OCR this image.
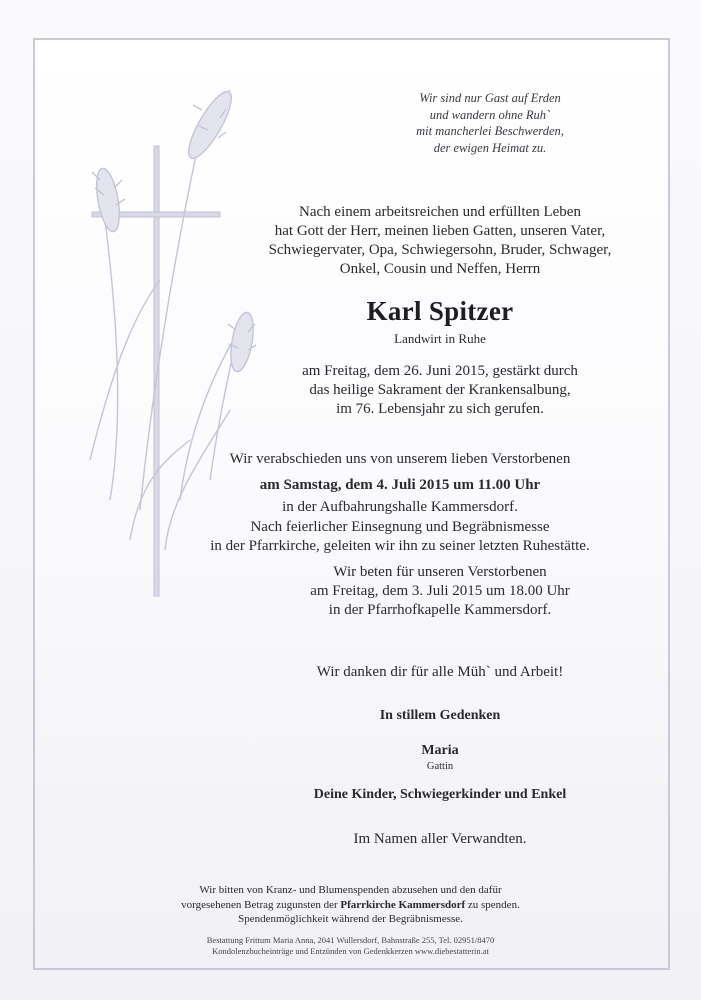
Wir sind nur Gast auf Erden
und wandern ohne Ruh`
mit mancherlei Beschwerden,
der ewigen Heimat zu.
Nach einem arbeitsreichen und erfüllten Leben
hat Gott der Herr, meinen lieben Gatten, unseren Vater,
Schwiegervater, Opa, Schwiegersohn, Bruder, Schwager,
Onkel, Cousin und Neffen, Herrn
Karl Spitzer
Landwirt in Ruhe
am Freitag, dem 26. Juni 2015, gestärkt durch
das heilige Sakrament der Krankensalbung,
im 76. Lebensjahr zu sich gerufen.
Wir verabschieden uns von unserem lieben Verstorbenen
am Samstag, dem 4. Juli 2015 um 11.00 Uhr
in der Aufbahrungshalle Kammersdorf.
Nach feierlicher Einsegnung und Begräbnismesse
in der Pfarrkirche, geleiten wir ihn zu seiner letzten Ruhestätte.
Wir beten für unseren Verstorbenen
am Freitag, dem 3. Juli 2015 um 18.00 Uhr
in der Pfarrhofkapelle Kammersdorf.
Wir danken dir für alle Müh` und Arbeit!
In stillem Gedenken
Maria
Gattin
Deine Kinder, Schwiegerkinder und Enkel
Im Namen aller Verwandten.
Wir bitten von Kranz- und Blumenspenden abzusehen und den dafür
vorgesehenen Betrag zugunsten der Pfarrkirche Kammersdorf zu spenden.
Spendenmöglichkeit während der Begräbnismesse.
Bestattung Frittum Maria Anna, 2041 Wullersdorf, Bahnstraße 255, Tel. 02951/8470
Kondolenzbucheinträge und Entzünden von Gedenkkerzen www.diebestatterin.at
